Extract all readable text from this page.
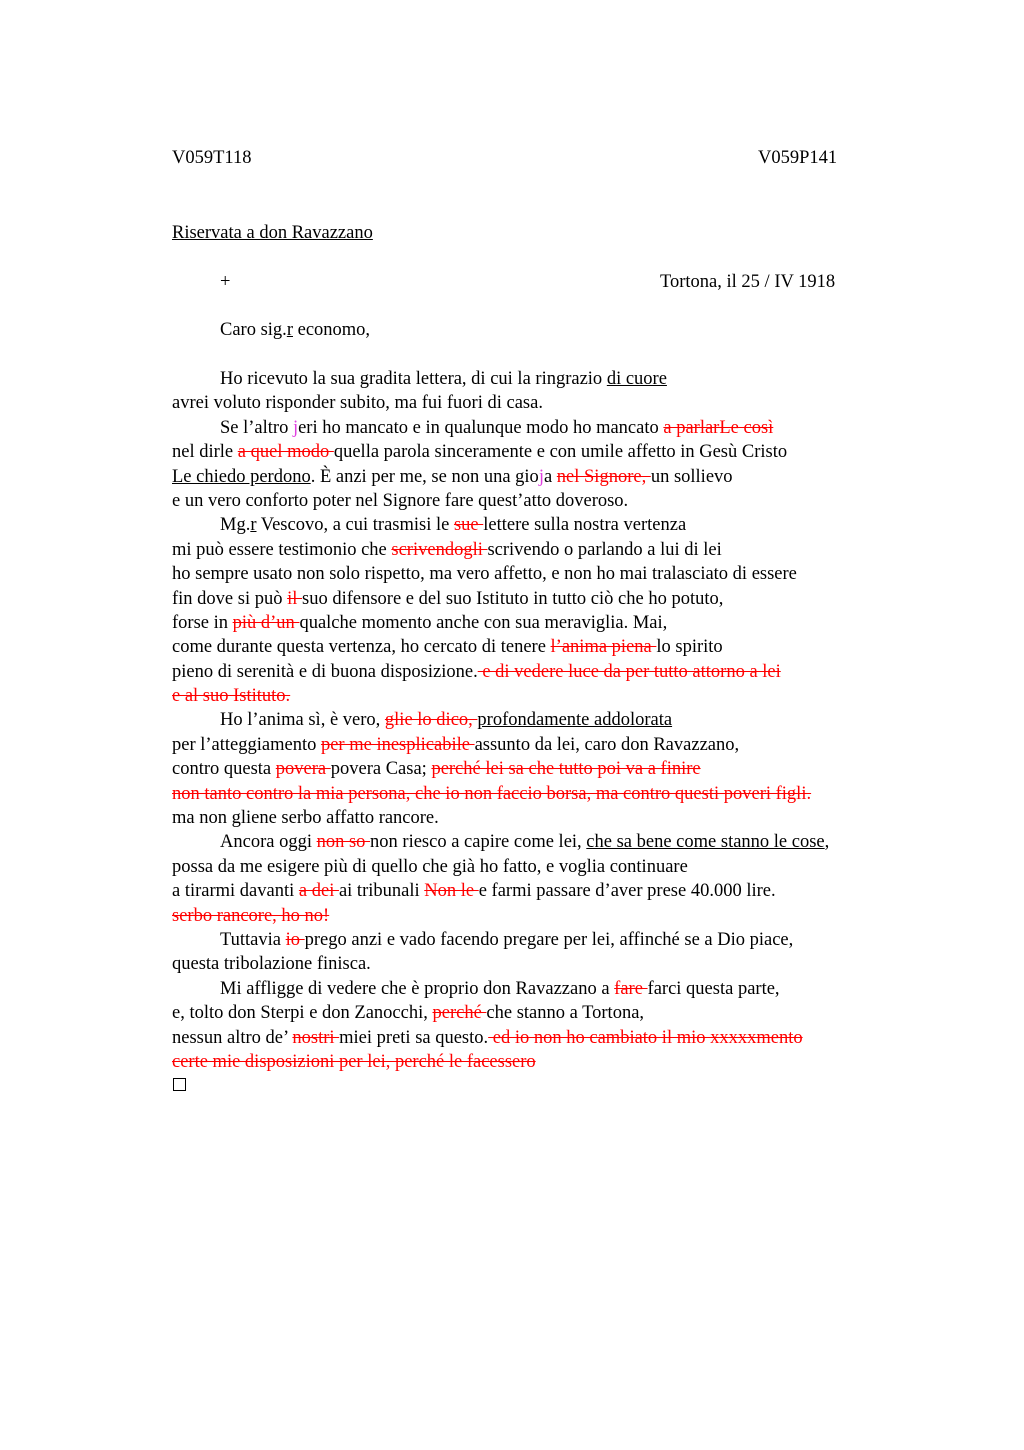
V059T118	V059P141
Riservata a don Ravazzano
+	Tortona, il 25 / IV 1918
Caro sig.r economo,
Ho ricevuto la sua gradita lettera, di cui la ringrazio di cuore
avrei voluto risponder subito, ma fui fuori di casa.
Se l’altro jeri ho mancato e in qualunque modo ho mancato a parlarLe così
nel dirle a quel modo quella parola sinceramente e con umile affetto in Gesù Cristo
Le chiedo perdono. È anzi per me, se non una gioja nel Signore, un sollievo
e un vero conforto poter nel Signore fare quest’atto doveroso.
Mg.r Vescovo, a cui trasmisi le sue lettere sulla nostra vertenza
mi può essere testimonio che scrivendogli scrivendo o parlando a lui di lei
ho sempre usato non solo rispetto, ma vero affetto, e non ho mai tralasciato di essere
fin dove si può il suo difensore e del suo Istituto in tutto ciò che ho potuto,
forse in più d’un qualche momento anche con sua meraviglia. Mai,
come durante questa vertenza, ho cercato di tenere l’anima piena lo spirito
pieno di serenità e di buona disposizione. e di vedere luce da per tutto attorno a lei
e al suo Istituto.
Ho l’anima sì, è vero, glie lo dico, profondamente addolorata
per l’atteggiamento per me inesplicabile assunto da lei, caro don Ravazzano,
contro questa povera povera Casa; perché lei sa che tutto poi va a finire
non tanto contro la mia persona, che io non faccio borsa, ma contro questi poveri figli.
ma non gliene serbo affatto rancore.
Ancora oggi non so non riesco a capire come lei, che sa bene come stanno le cose,
possa da me esigere più di quello che già ho fatto, e voglia continuare
a tirarmi davanti a dei ai tribunali Non le e farmi passare d’aver prese 40.000 lire.
serbo rancore, ho no!
Tuttavia io prego anzi e vado facendo pregare per lei, affinché se a Dio piace,
questa tribolazione finisca.
Mi affligge di vedere che è proprio don Ravazzano a fare farci questa parte,
e, tolto don Sterpi e don Zanocchi, perché che stanno a Tortona,
nessun altro de’ nostri miei preti sa questo. ed io non ho cambiato il mio xxxxxmento
certe mie disposizioni per lei, perché le facessero
